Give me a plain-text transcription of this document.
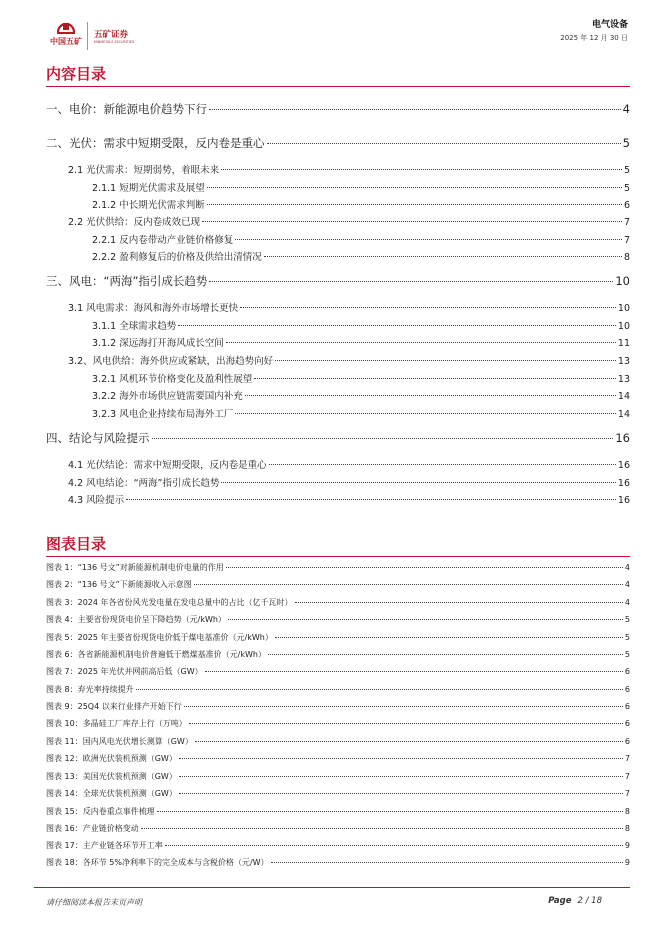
中国五矿
五矿证券
MINMETALS SECURITIES
电气设备
2025 年 12 月 30 日
内容目录
一、电价：新能源电价趋势下行	4
二、光伏：需求中短期受限，反内卷是重心	5
2.1 光伏需求：短期弱势，着眼未来	5
2.1.1 短期光伏需求及展望	5
2.1.2 中长期光伏需求判断	6
2.2 光伏供给：反内卷成效已现	7
2.2.1 反内卷带动产业链价格修复	7
2.2.2 盈利修复后的价格及供给出清情况	8
三、风电：“两海”指引成长趋势	10
3.1 风电需求：海风和海外市场增长更快	10
3.1.1 全球需求趋势	10
3.1.2 深远海打开海风成长空间	11
3.2、风电供给：海外供应或紧缺，出海趋势向好	13
3.2.1 风机环节价格变化及盈利性展望	13
3.2.2 海外市场供应链需要国内补充	14
3.2.3 风电企业持续布局海外工厂	14
四、结论与风险提示	16
4.1 光伏结论：需求中短期受限，反内卷是重心	16
4.2 风电结论：“两海”指引成长趋势	16
4.3 风险提示	16
图表目录
图表 1：“136 号文”对新能源机制电价电量的作用	4
图表 2：“136 号文”下新能源收入示意图	4
图表 3：2024 年各省份风光发电量在发电总量中的占比（亿千瓦时）	4
图表 4：主要省份现货电价呈下降趋势（元/kWh）	5
图表 5：2025 年主要省份现货电价低于煤电基准价（元/kWh）	5
图表 6：各省新能源机制电价普遍低于燃煤基准价（元/kWh）	5
图表 7：2025 年光伏并网前高后低（GW）	6
图表 8：弃光率持续提升	6
图表 9：25Q4 以来行业排产开始下行	6
图表 10：多晶硅工厂库存上行（万吨）	6
图表 11：国内风电光伏增长测算（GW）	6
图表 12：欧洲光伏装机预测（GW）	7
图表 13：美国光伏装机预测（GW）	7
图表 14：全球光伏装机预测（GW）	7
图表 15：反内卷重点事件梳理	8
图表 16：产业链价格变动	8
图表 17：主产业链各环节开工率	9
图表 18：各环节 5%净利率下的完全成本与含税价格（元/W）	9
请仔细阅读本报告末页声明	Page 2 / 18
